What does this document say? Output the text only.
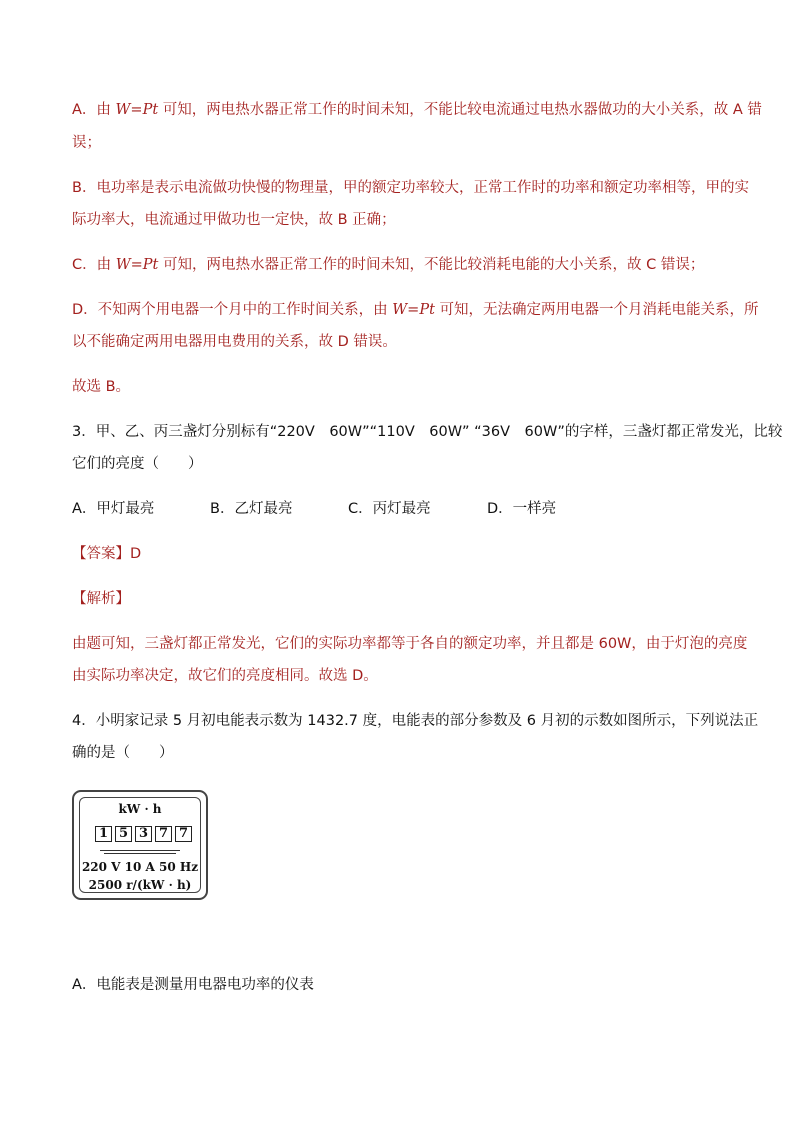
A．由 W=Pt 可知，两电热水器正常工作的时间未知，不能比较电流通过电热水器做功的大小关系，故 A 错
误；
B．电功率是表示电流做功快慢的物理量，甲的额定功率较大，正常工作时的功率和额定功率相等，甲的实
际功率大，电流通过甲做功也一定快，故 B 正确；
C．由 W=Pt 可知，两电热水器正常工作的时间未知，不能比较消耗电能的大小关系，故 C 错误；
D．不知两个用电器一个月中的工作时间关系，由 W=Pt 可知，无法确定两用电器一个月消耗电能关系，所
以不能确定两用电器用电费用的关系，故 D 错误。
故选 B。
3．甲、乙、丙三盏灯分别标有“220V　60W”“110V　60W” “36V　60W”的字样，三盏灯都正常发光，比较
它们的亮度（　　）
A．甲灯最亮	B．乙灯最亮	C．丙灯最亮	D．一样亮
【答案】D
【解析】
由题可知，三盏灯都正常发光，它们的实际功率都等于各自的额定功率，并且都是 60W，由于灯泡的亮度
由实际功率决定，故它们的亮度相同。故选 D。
4．小明家记录 5 月初电能表示数为 1432.7 度，电能表的部分参数及 6 月初的示数如图所示，下列说法正
确的是（　　）
kW · h
1 5 3 7 7
220 V 10 A 50 Hz
2500 r/(kW · h)
A．电能表是测量用电器电功率的仪表
